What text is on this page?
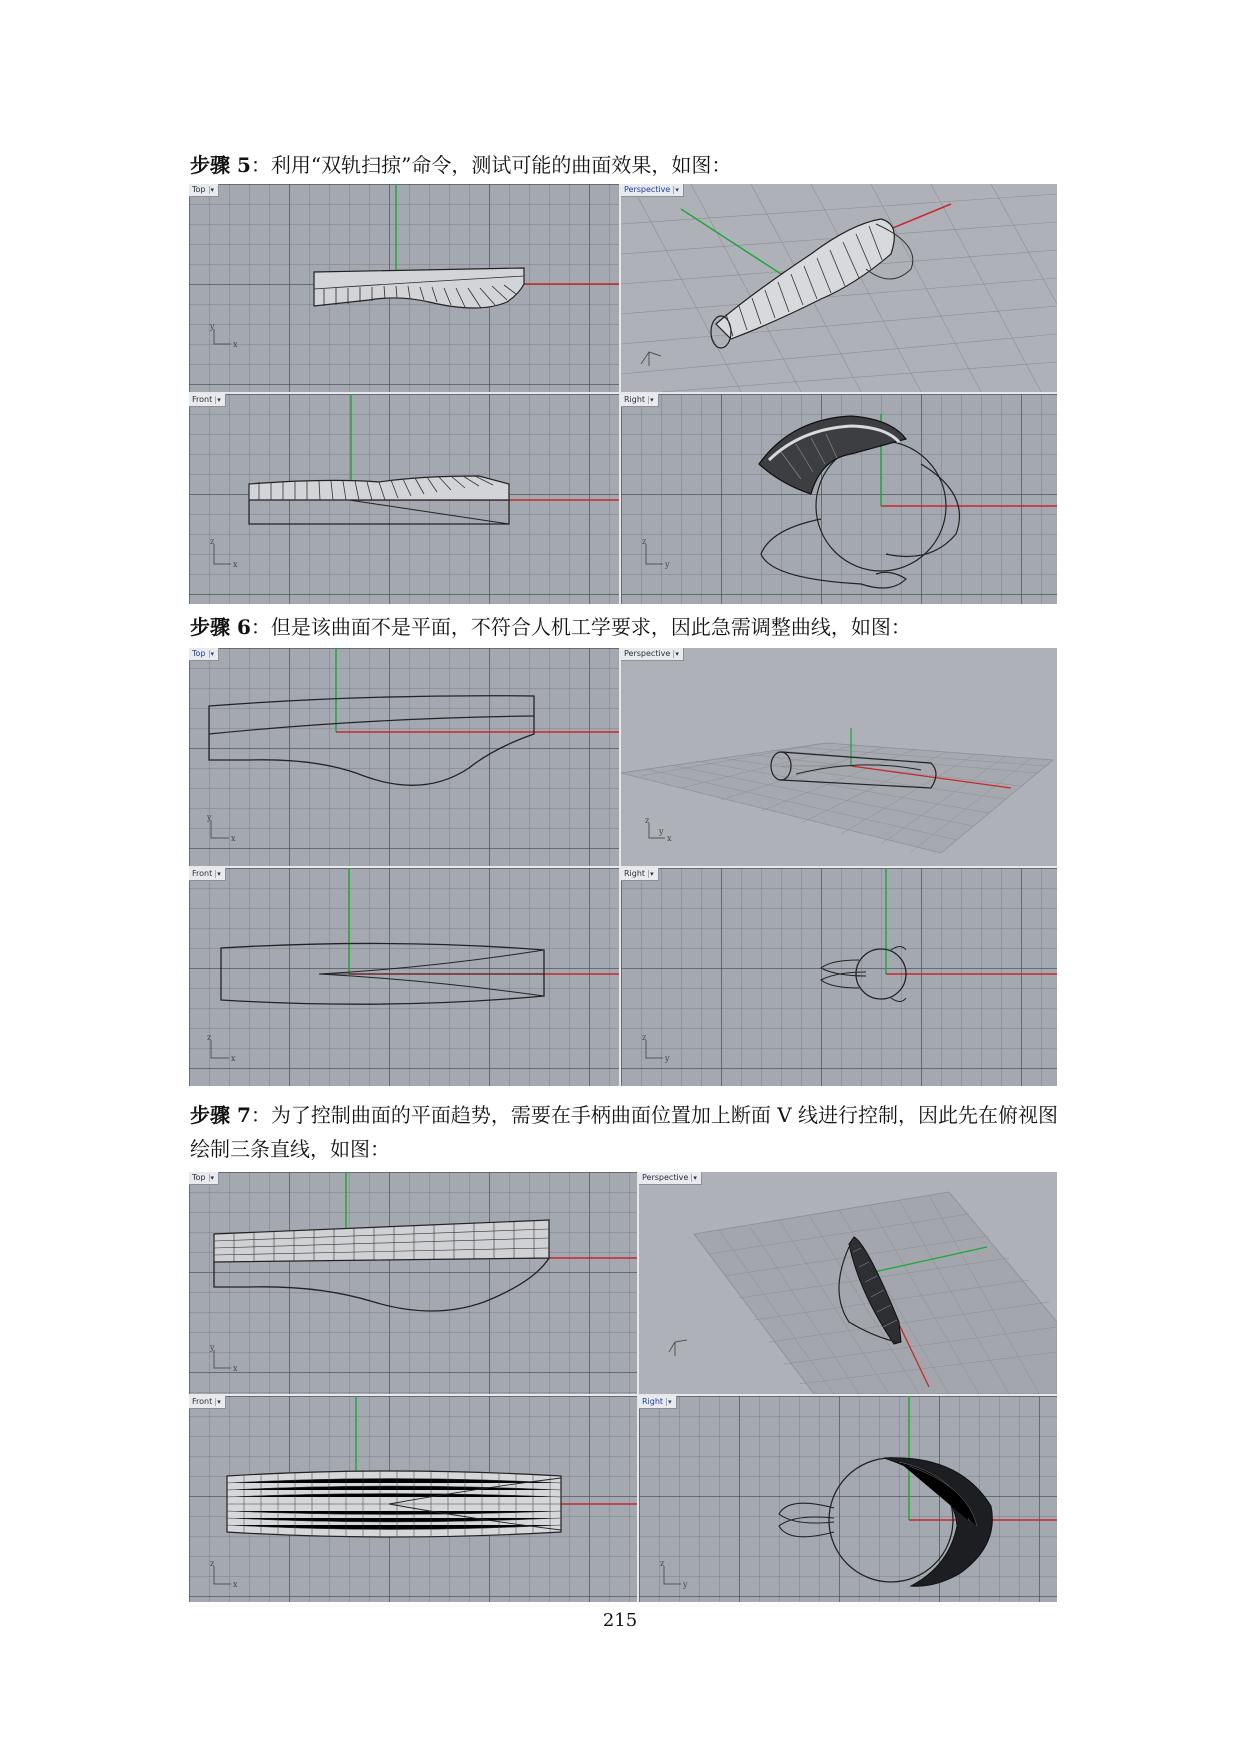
步骤 5：利用“双轨扫掠”命令，测试可能的曲面效果，如图：

Top ▾
y
x
Perspective ▾
Front ▾
z
x
Right ▾
z
y

步骤 6：但是该曲面不是平面，不符合人机工学要求，因此急需调整曲线，如图：

Top ▾
y
x
Perspective ▾
z
y
x
Front ▾
z
x
Right ▾
z
y

步骤 7：为了控制曲面的平面趋势，需要在手柄曲面位置加上断面 V 线进行控制，因此先在俯视图绘制三条直线，如图：

Top ▾
y
x
Perspective ▾
Front ▾
z
x
Right ▾
z
y
215
